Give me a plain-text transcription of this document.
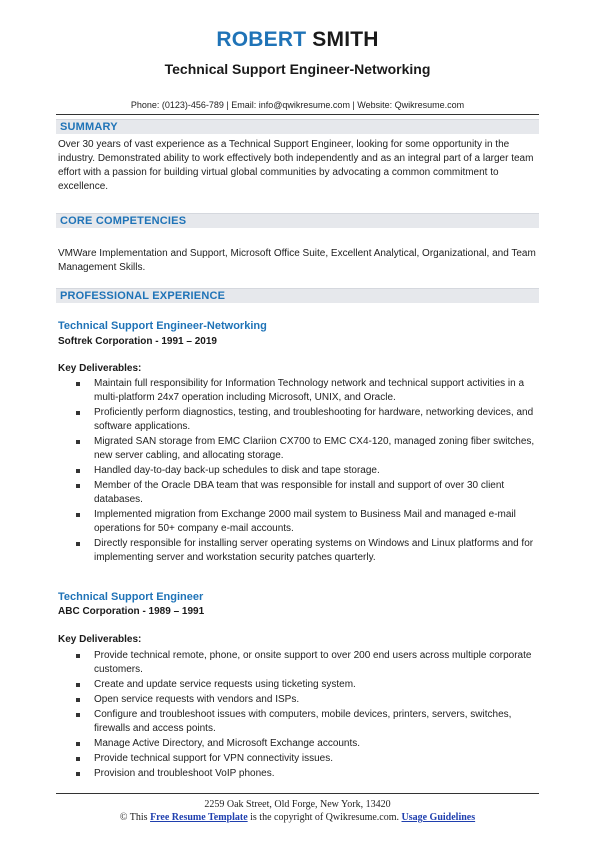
ROBERT SMITH
Technical Support Engineer-Networking
Phone: (0123)-456-789 | Email: info@qwikresume.com | Website: Qwikresume.com
SUMMARY
Over 30 years of vast experience as a Technical Support Engineer, looking for some opportunity in the industry. Demonstrated ability to work effectively both independently and as an integral part of a larger team effort with a passion for building virtual global communities by advocating a common commitment to excellence.
CORE COMPETENCIES
VMWare Implementation and Support, Microsoft Office Suite, Excellent Analytical, Organizational, and Team Management Skills.
PROFESSIONAL EXPERIENCE
Technical Support Engineer-Networking
Softrek Corporation - 1991 – 2019
Key Deliverables:
Maintain full responsibility for Information Technology network and technical support activities in a multi-platform 24x7 operation including Microsoft, UNIX, and Oracle.
Proficiently perform diagnostics, testing, and troubleshooting for hardware, networking devices, and software applications.
Migrated SAN storage from EMC Clariion CX700 to EMC CX4-120, managed zoning fiber switches, new server cabling, and allocating storage.
Handled day-to-day back-up schedules to disk and tape storage.
Member of the Oracle DBA team that was responsible for install and support of over 30 client databases.
Implemented migration from Exchange 2000 mail system to Business Mail and managed e-mail operations for 50+ company e-mail accounts.
Directly responsible for installing server operating systems on Windows and Linux platforms and for implementing server and workstation security patches quarterly.
Technical Support Engineer
ABC Corporation - 1989 – 1991
Key Deliverables:
Provide technical remote, phone, or onsite support to over 200 end users across multiple corporate customers.
Create and update service requests using ticketing system.
Open service requests with vendors and ISPs.
Configure and troubleshoot issues with computers, mobile devices, printers, servers, switches, firewalls and access points.
Manage Active Directory, and Microsoft Exchange accounts.
Provide technical support for VPN connectivity issues.
Provision and troubleshoot VoIP phones.
2259 Oak Street, Old Forge, New York, 13420
© This Free Resume Template is the copyright of Qwikresume.com. Usage Guidelines
